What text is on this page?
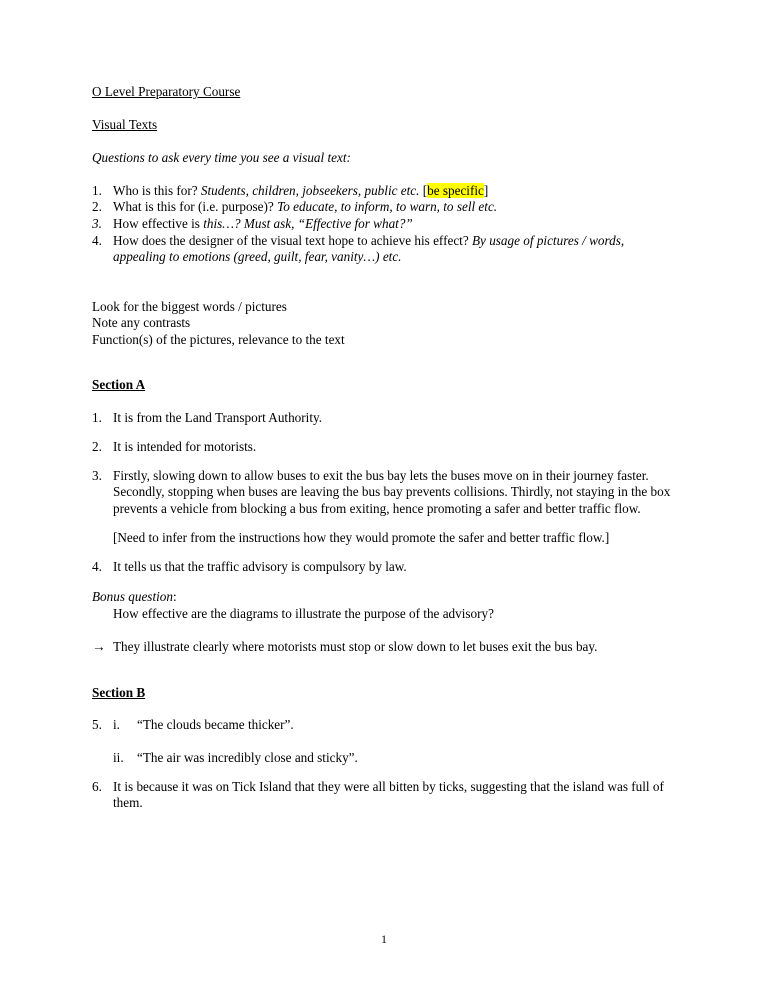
O Level Preparatory Course
Visual Texts
Questions to ask every time you see a visual text:
1. Who is this for? Students, children, jobseekers, public etc. [be specific]
2. What is this for (i.e. purpose)? To educate, to inform, to warn, to sell etc.
3. How effective is this…? Must ask, “Effective for what?”
4. How does the designer of the visual text hope to achieve his effect? By usage of pictures / words, appealing to emotions (greed, guilt, fear, vanity…) etc.
Look for the biggest words / pictures
Note any contrasts
Function(s) of the pictures, relevance to the text
Section A
1. It is from the Land Transport Authority.
2. It is intended for motorists.
3. Firstly, slowing down to allow buses to exit the bus bay lets the buses move on in their journey faster. Secondly, stopping when buses are leaving the bus bay prevents collisions. Thirdly, not staying in the box prevents a vehicle from blocking a bus from exiting, hence promoting a safer and better traffic flow.
[Need to infer from the instructions how they would promote the safer and better traffic flow.]
4. It tells us that the traffic advisory is compulsory by law.
Bonus question:
How effective are the diagrams to illustrate the purpose of the advisory?
→ They illustrate clearly where motorists must stop or slow down to let buses exit the bus bay.
Section B
5. i. “The clouds became thicker”.
ii. “The air was incredibly close and sticky”.
6. It is because it was on Tick Island that they were all bitten by ticks, suggesting that the island was full of them.
1
